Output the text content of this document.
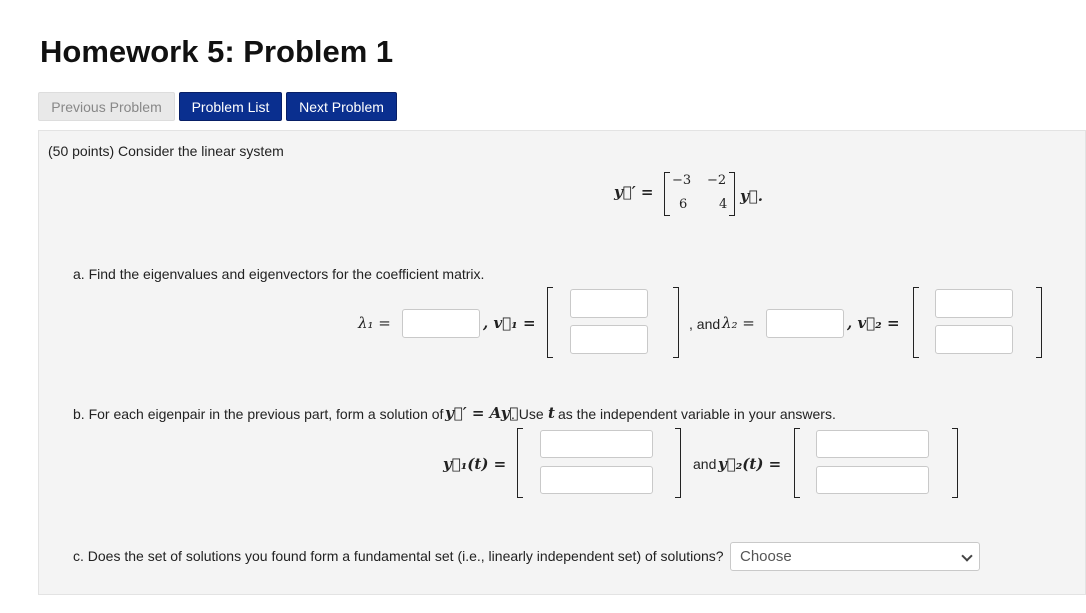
Homework 5: Problem 1
Previous Problem	Problem List	Next Problem
(50 points) Consider the linear system
y⃗′ =
−3 −2
6 4 y⃗.
a. Find the eigenvalues and eigenvectors for the coefficient matrix.
λ₁ =	, v⃗₁ =	, and λ₂ =	, v⃗₂ =
b. For each eigenpair in the previous part, form a solution of y⃗′ = Ay⃗
. Use t as the independent variable in your answers.
y⃗₁(t) =	and y⃗₂(t) =
c. Does the set of solutions you found form a fundamental set (i.e., linearly independent set) of solutions? Choose
